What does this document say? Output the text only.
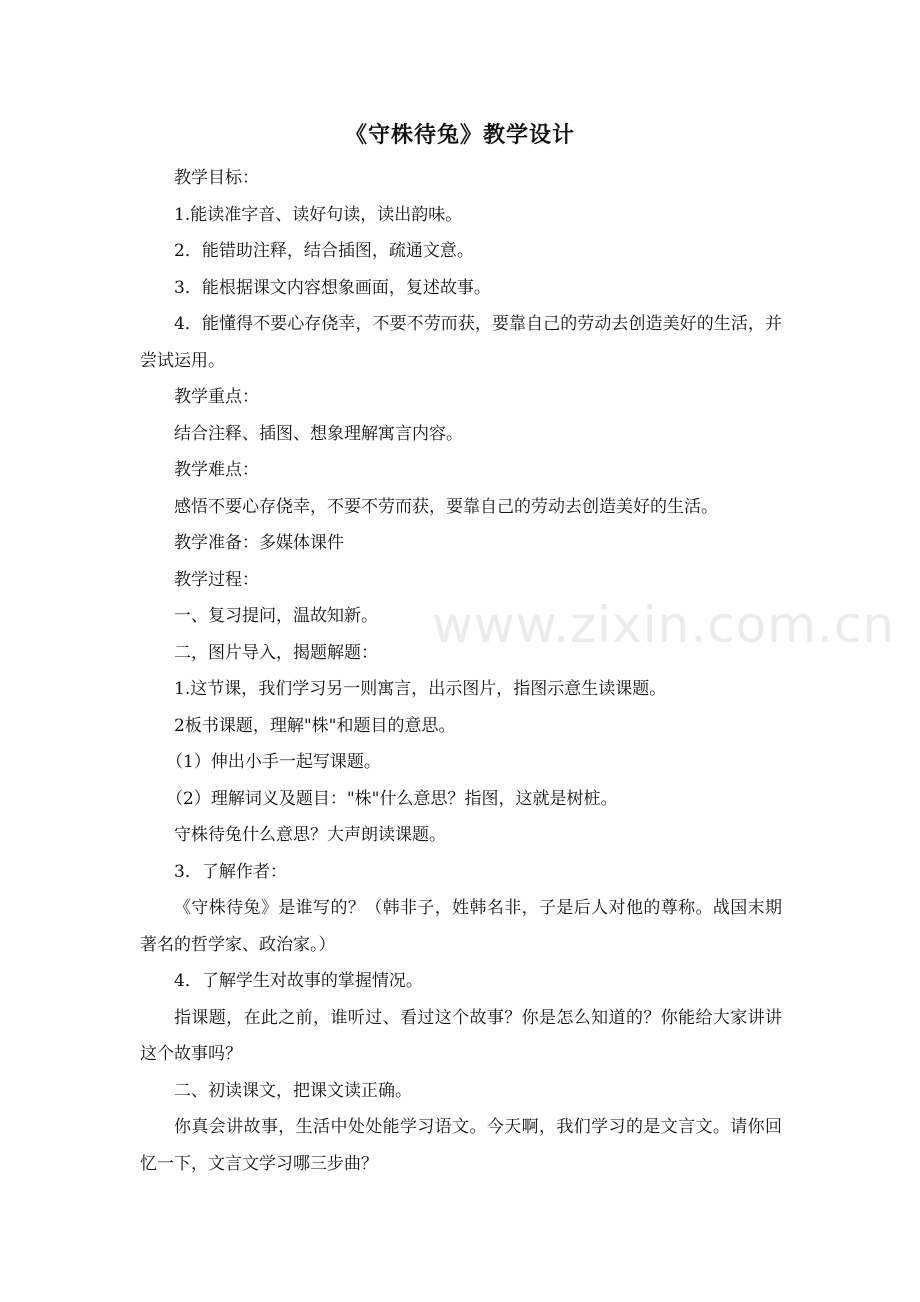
《守株待兔》教学设计

教学目标：

1.能读准字音、读好句读，读出韵味。

2．能错助注释，结合插图，疏通文意。

3．能根据课文内容想象画面，复述故事。

4．能懂得不要心存侥幸，不要不劳而获，要靠自己的劳动去创造美好的生活，并尝试运用。

教学重点：

结合注释、插图、想象理解寓言内容。

教学难点：

感悟不要心存侥幸，不要不劳而获，要靠自己的劳动去创造美好的生活。

教学准备：多媒体课件

教学过程：

一、复习提问，温故知新。

二，图片导入，揭题解题：

1.这节课，我们学习另一则寓言，出示图片，指图示意生读课题。

2板书课题，理解"株"和题目的意思。

（1）伸出小手一起写课题。

（2）理解词义及题目："株"什么意思？指图，这就是树桩。

守株待兔什么意思？大声朗读课题。

3．了解作者：

《守株待兔》是谁写的？（韩非子，姓韩名非，子是后人对他的尊称。战国末期著名的哲学家、政治家。）

4．了解学生对故事的掌握情况。

指课题，在此之前，谁听过、看过这个故事？你是怎么知道的？你能给大家讲讲这个故事吗？

二、初读课文，把课文读正确。

你真会讲故事，生活中处处能学习语文。今天啊，我们学习的是文言文。请你回忆一下，文言文学习哪三步曲？

www.zixin.com.cn
